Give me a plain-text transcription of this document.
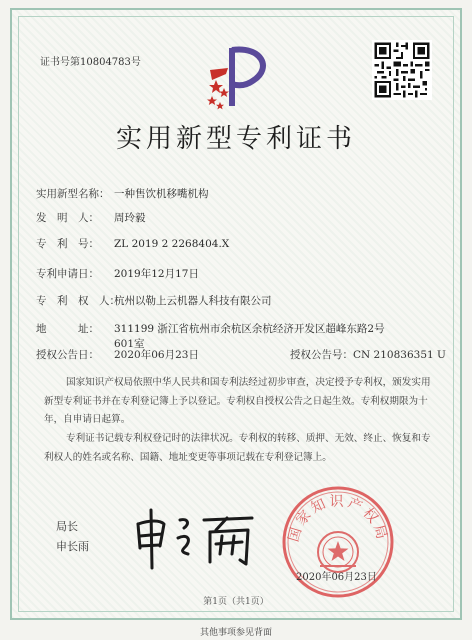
证书号第10804783号
实用新型专利证书
实用新型名称： 一种售饮机移嘴机构
发　明　人： 周玲毅
专　利　号： ZL 2019 2 2268404.X
专利申请日： 2019年12月17日
专　利　权　人：杭州以勒上云机器人科技有限公司
地　　　址： 311199 浙江省杭州市余杭区余杭经济开发区超峰东路2号
601室
授权公告日： 2020年06月23日	授权公告号：CN 210836351 U
国家知识产权局依照中华人民共和国专利法经过初步审查，决定授予专利权，颁发实用新型专利证书并在专利登记簿上予以登记。专利权自授权公告之日起生效。专利权期限为十年，自申请日起算。
专利证书记载专利权登记时的法律状况。专利权的转移、质押、无效、终止、恢复和专利权人的姓名或名称、国籍、地址变更等事项记载在专利登记簿上。
局长
申长雨
国家知识产权局
2020年06月23日
第1页（共1页）
其他事项参见背面
